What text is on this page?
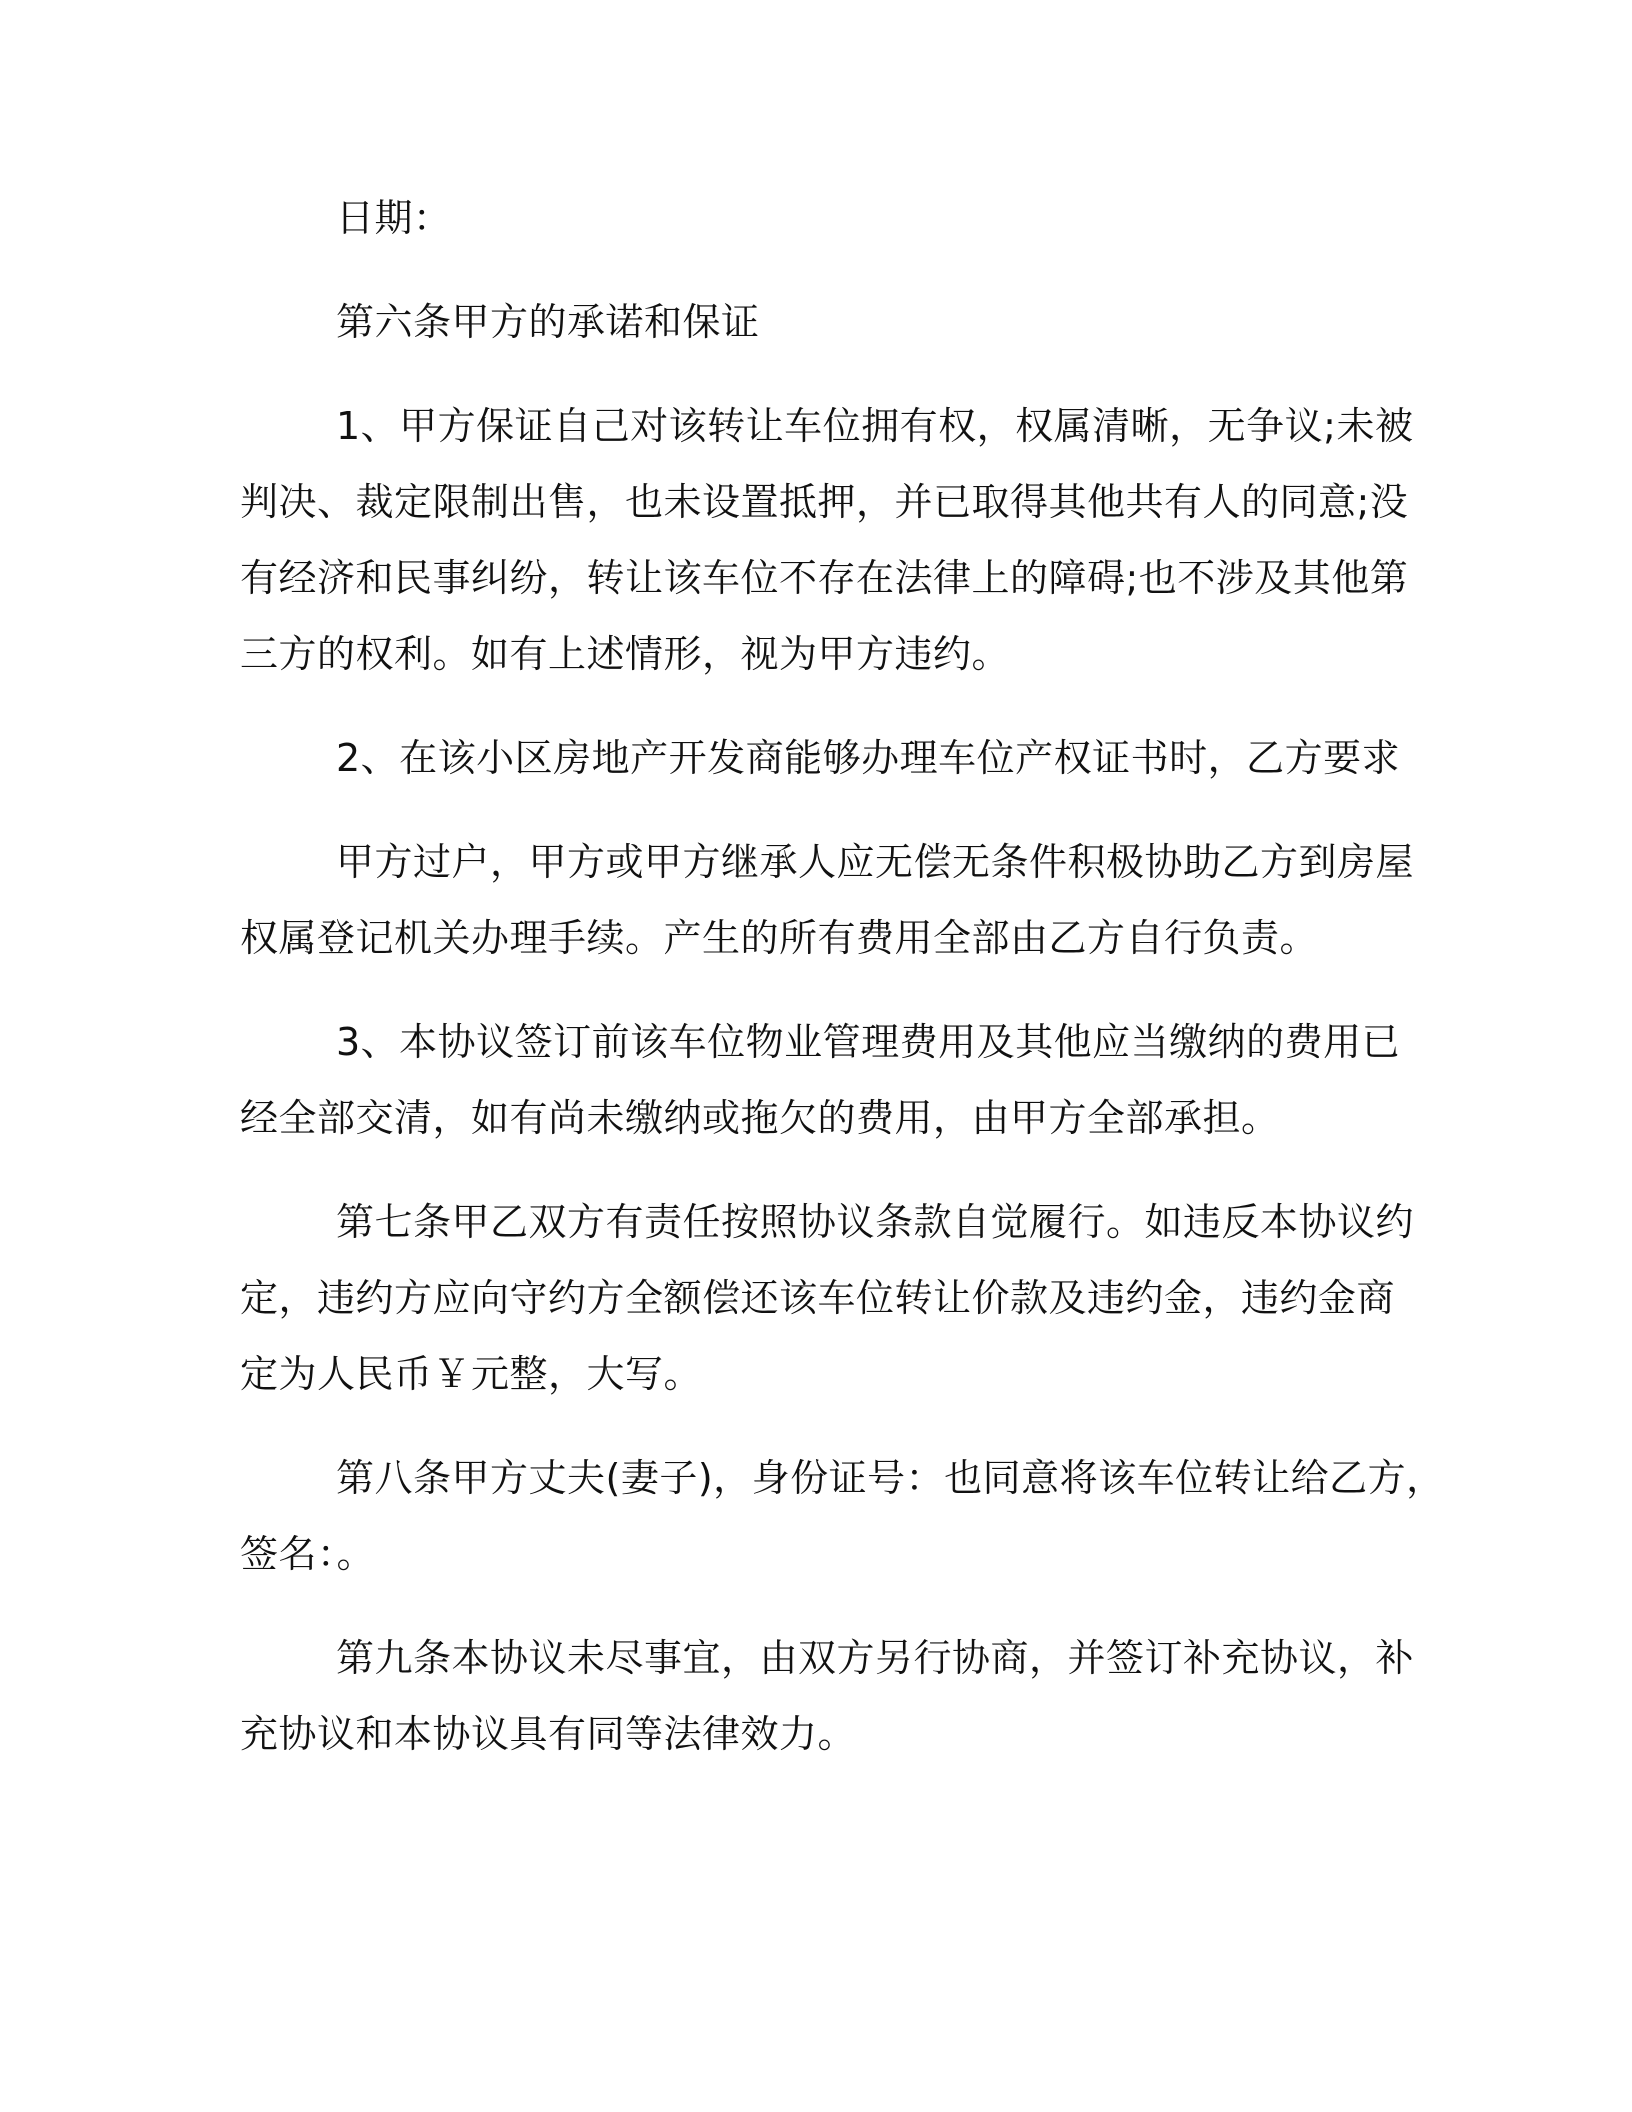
日期：
第六条甲方的承诺和保证
1、甲方保证自己对该转让车位拥有权，权属清晰，无争议;未被
判决、裁定限制出售，也未设置抵押，并已取得其他共有人的同意;没
有经济和民事纠纷，转让该车位不存在法律上的障碍;也不涉及其他第
三方的权利。如有上述情形，视为甲方违约。
2、在该小区房地产开发商能够办理车位产权证书时，乙方要求
甲方过户，甲方或甲方继承人应无偿无条件积极协助乙方到房屋
权属登记机关办理手续。产生的所有费用全部由乙方自行负责。
3、本协议签订前该车位物业管理费用及其他应当缴纳的费用已
经全部交清，如有尚未缴纳或拖欠的费用，由甲方全部承担。
第七条甲乙双方有责任按照协议条款自觉履行。如违反本协议约
定，违约方应向守约方全额偿还该车位转让价款及违约金，违约金商
定为人民币￥元整，大写。
第八条甲方丈夫(妻子)，身份证号：也同意将该车位转让给乙方，
签名：。
第九条本协议未尽事宜，由双方另行协商，并签订补充协议，补
充协议和本协议具有同等法律效力。
